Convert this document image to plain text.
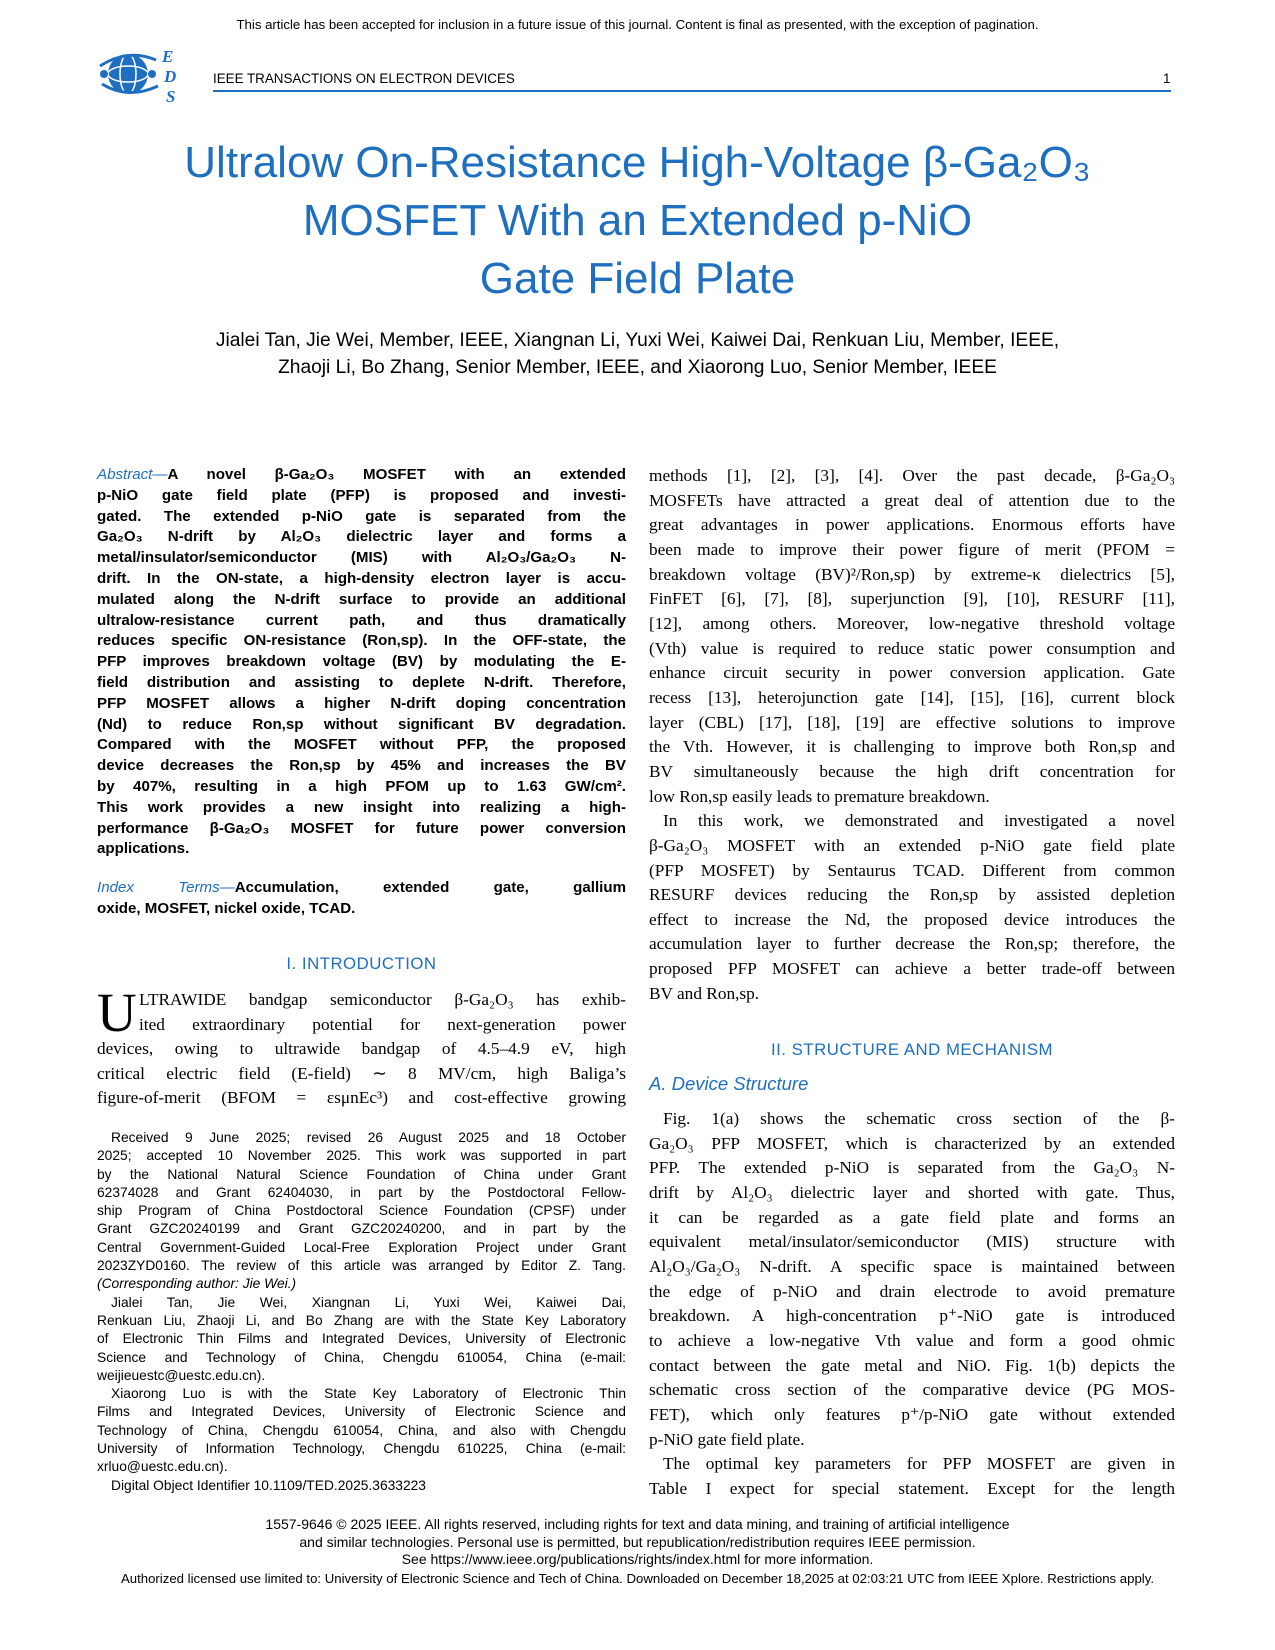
This article has been accepted for inclusion in a future issue of this journal. Content is final as presented, with the exception of pagination.
E
D
S
IEEE TRANSACTIONS ON ELECTRON DEVICES	1
Ultralow On-Resistance High-Voltage β-Ga₂O₃
MOSFET With an Extended p-NiO
Gate Field Plate
Jialei Tan, Jie Wei, Member, IEEE, Xiangnan Li, Yuxi Wei, Kaiwei Dai, Renkuan Liu, Member, IEEE,
Zhaoji Li, Bo Zhang, Senior Member, IEEE, and Xiaorong Luo, Senior Member, IEEE
Abstract—A novel β-Ga₂O₃ MOSFET with an extended
p-NiO gate field plate (PFP) is proposed and investi-
gated. The extended p-NiO gate is separated from the
Ga₂O₃ N-drift by Al₂O₃ dielectric layer and forms a
metal/insulator/semiconductor (MIS) with Al₂O₃/Ga₂O₃ N-
drift. In the ON-state, a high-density electron layer is accu-
mulated along the N-drift surface to provide an additional
ultralow-resistance current path, and thus dramatically
reduces specific ON-resistance (Ron,sp). In the OFF-state, the
PFP improves breakdown voltage (BV) by modulating the E-
field distribution and assisting to deplete N-drift. Therefore,
PFP MOSFET allows a higher N-drift doping concentration
(Nd) to reduce Ron,sp without significant BV degradation.
Compared with the MOSFET without PFP, the proposed
device decreases the Ron,sp by 45% and increases the BV
by 407%, resulting in a high PFOM up to 1.63 GW/cm².
This work provides a new insight into realizing a high-
performance β-Ga₂O₃ MOSFET for future power conversion
applications.
Index Terms—Accumulation, extended gate, gallium
oxide, MOSFET, nickel oxide, TCAD.
I. INTRODUCTION
U LTRAWIDE bandgap semiconductor β-Ga₂O₃ has exhib-
ited extraordinary potential for next-generation power
devices, owing to ultrawide bandgap of 4.5–4.9 eV, high
critical electric field (E-field) ∼ 8 MV/cm, high Baliga’s
figure-of-merit (BFOM = εsμnEc³) and cost-effective growing
Received 9 June 2025; revised 26 August 2025 and 18 October
2025; accepted 10 November 2025. This work was supported in part
by the National Natural Science Foundation of China under Grant
62374028 and Grant 62404030, in part by the Postdoctoral Fellow-
ship Program of China Postdoctoral Science Foundation (CPSF) under
Grant GZC20240199 and Grant GZC20240200, and in part by the
Central Government-Guided Local-Free Exploration Project under Grant
2023ZYD0160. The review of this article was arranged by Editor Z. Tang.
(Corresponding author: Jie Wei.)
Jialei Tan, Jie Wei, Xiangnan Li, Yuxi Wei, Kaiwei Dai,
Renkuan Liu, Zhaoji Li, and Bo Zhang are with the State Key Laboratory
of Electronic Thin Films and Integrated Devices, University of Electronic
Science and Technology of China, Chengdu 610054, China (e-mail:
weijieuestc@uestc.edu.cn).
Xiaorong Luo is with the State Key Laboratory of Electronic Thin
Films and Integrated Devices, University of Electronic Science and
Technology of China, Chengdu 610054, China, and also with Chengdu
University of Information Technology, Chengdu 610225, China (e-mail:
xrluo@uestc.edu.cn).
Digital Object Identifier 10.1109/TED.2025.3633223
methods [1], [2], [3], [4]. Over the past decade, β-Ga₂O₃
MOSFETs have attracted a great deal of attention due to the
great advantages in power applications. Enormous efforts have
been made to improve their power figure of merit (PFOM =
breakdown voltage (BV)²/Ron,sp) by extreme-κ dielectrics [5],
FinFET [6], [7], [8], superjunction [9], [10], RESURF [11],
[12], among others. Moreover, low-negative threshold voltage
(Vth) value is required to reduce static power consumption and
enhance circuit security in power conversion application. Gate
recess [13], heterojunction gate [14], [15], [16], current block
layer (CBL) [17], [18], [19] are effective solutions to improve
the Vth. However, it is challenging to improve both Ron,sp and
BV simultaneously because the high drift concentration for
low Ron,sp easily leads to premature breakdown.
In this work, we demonstrated and investigated a novel
β-Ga₂O₃ MOSFET with an extended p-NiO gate field plate
(PFP MOSFET) by Sentaurus TCAD. Different from common
RESURF devices reducing the Ron,sp by assisted depletion
effect to increase the Nd, the proposed device introduces the
accumulation layer to further decrease the Ron,sp; therefore, the
proposed PFP MOSFET can achieve a better trade-off between
BV and Ron,sp.
II. STRUCTURE AND MECHANISM
A. Device Structure
Fig. 1(a) shows the schematic cross section of the β-
Ga₂O₃ PFP MOSFET, which is characterized by an extended
PFP. The extended p-NiO is separated from the Ga₂O₃ N-
drift by Al₂O₃ dielectric layer and shorted with gate. Thus,
it can be regarded as a gate field plate and forms an
equivalent metal/insulator/semiconductor (MIS) structure with
Al₂O₃/Ga₂O₃ N-drift. A specific space is maintained between
the edge of p-NiO and drain electrode to avoid premature
breakdown. A high-concentration p⁺-NiO gate is introduced
to achieve a low-negative Vth value and form a good ohmic
contact between the gate metal and NiO. Fig. 1(b) depicts the
schematic cross section of the comparative device (PG MOS-
FET), which only features p⁺/p-NiO gate without extended
p-NiO gate field plate.
The optimal key parameters for PFP MOSFET are given in
Table I expect for special statement. Except for the length
1557-9646 © 2025 IEEE. All rights reserved, including rights for text and data mining, and training of artificial intelligence
and similar technologies. Personal use is permitted, but republication/redistribution requires IEEE permission.
See https://www.ieee.org/publications/rights/index.html for more information.
Authorized licensed use limited to: University of Electronic Science and Tech of China. Downloaded on December 18,2025 at 02:03:21 UTC from IEEE Xplore. Restrictions apply.
